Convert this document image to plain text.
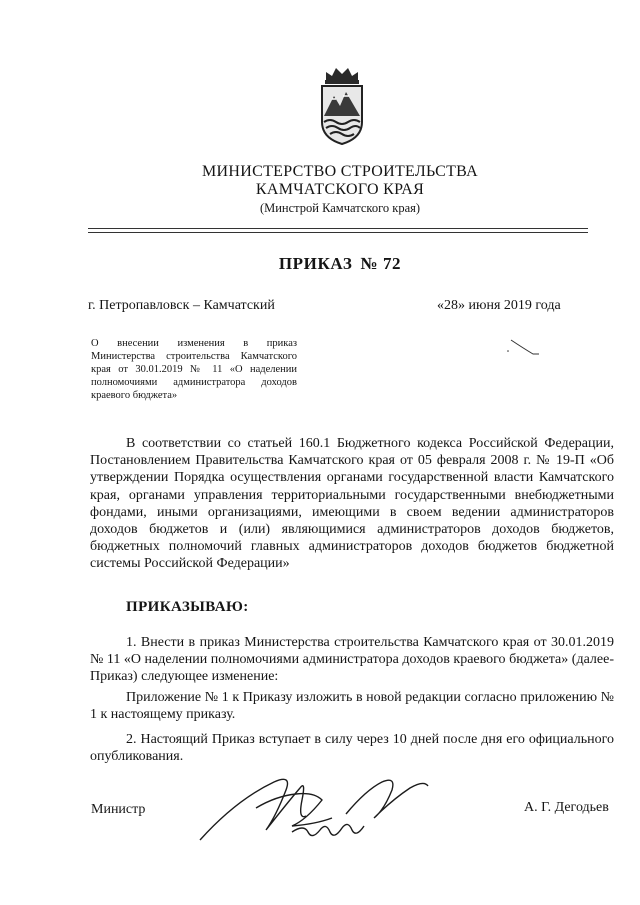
МИНИСТЕРСТВО СТРОИТЕЛЬСТВА
КАМЧАТСКОГО КРАЯ
(Минстрой Камчатского края)
ПРИКАЗ № 72
г. Петропавловск – Камчатский	«28» июня 2019 года
О внесении изменения в приказ Министерства строительства Камчатского края от 30.01.2019 № 11 «О наделении полномочиями администратора доходов краевого бюджета»
В соответствии со статьей 160.1 Бюджетного кодекса Российской Федерации, Постановлением Правительства Камчатского края от 05 февраля 2008 г. № 19-П «Об утверждении Порядка осуществления органами государственной власти Камчатского края, органами управления территориальными государственными внебюджетными фондами, иными организациями, имеющими в своем ведении администраторов доходов бюджетов и (или) являющимися администраторов доходов бюджетов, бюджетных полномочий главных администраторов доходов бюджетов бюджетной системы Российской Федерации»
ПРИКАЗЫВАЮ:
1. Внести в приказ Министерства строительства Камчатского края от 30.01.2019 № 11 «О наделении полномочиями администратора доходов краевого бюджета» (далее-Приказ) следующее изменение:
Приложение № 1 к Приказу изложить в новой редакции согласно приложению № 1 к настоящему приказу.
2. Настоящий Приказ вступает в силу через 10 дней после дня его официального опубликования.
Министр	А. Г. Дегодьев
